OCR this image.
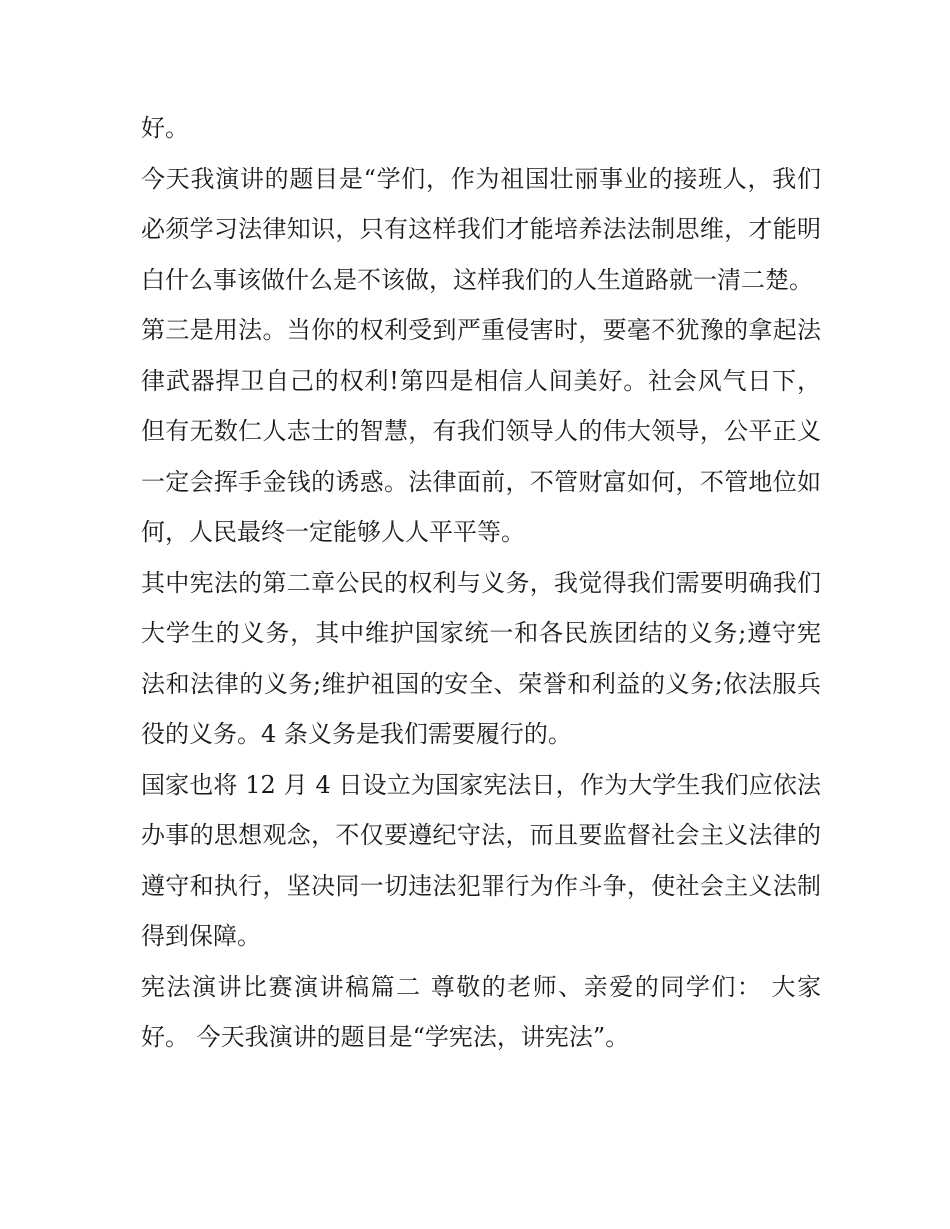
好。

今天我演讲的题目是“学们，作为祖国壮丽事业的接班人，我们必须学习法律知识，只有这样我们才能培养法法制思维，才能明白什么事该做什么是不该做，这样我们的人生道路就一清二楚。

第三是用法。当你的权利受到严重侵害时，要毫不犹豫的拿起法律武器捍卫自己的权利!第四是相信人间美好。社会风气日下，但有无数仁人志士的智慧，有我们领导人的伟大领导，公平正义一定会挥手金钱的诱惑。法律面前，不管财富如何，不管地位如何，人民最终一定能够人人平平等。

其中宪法的第二章公民的权利与义务，我觉得我们需要明确我们大学生的义务，其中维护国家统一和各民族团结的义务;遵守宪法和法律的义务;维护祖国的安全、荣誉和利益的义务;依法服兵役的义务。4 条义务是我们需要履行的。

国家也将 12 月 4 日设立为国家宪法日，作为大学生我们应依法办事的思想观念，不仅要遵纪守法，而且要监督社会主义法律的遵守和执行，坚决同一切违法犯罪行为作斗争，使社会主义法制得到保障。

宪法演讲比赛演讲稿篇二 尊敬的老师、亲爱的同学们： 大家好。 今天我演讲的题目是“学宪法，讲宪法”。
